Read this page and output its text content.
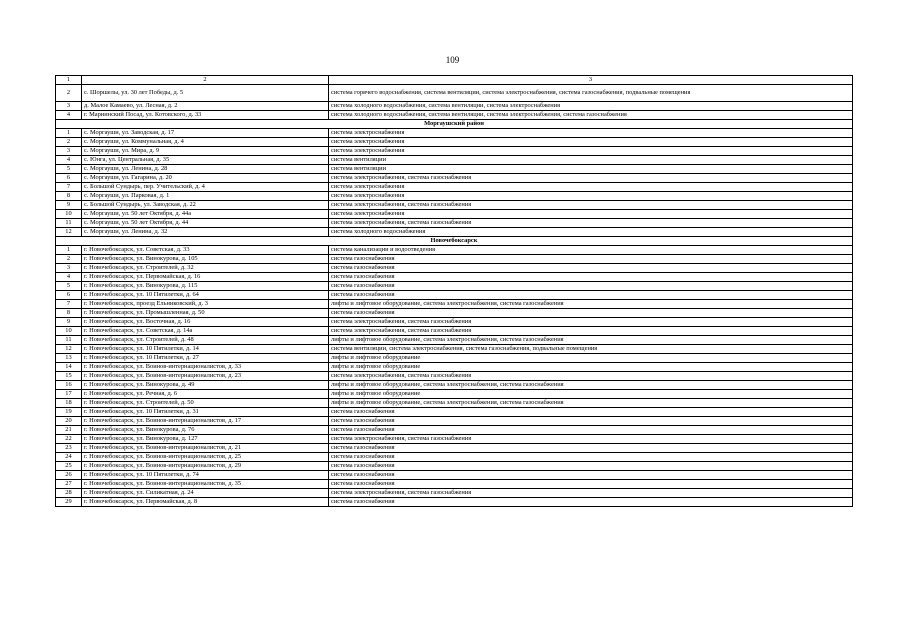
109
1	2	3
2	с. Шоршелы, ул. 30 лет Победы, д. 5	система горячего водоснабжения, система вентиляции, система электроснабжения, система газоснабжения, подвальные помещения
3	д. Малое Камаево, ул. Лесная, д. 2	система холодного водоснабжения, система вентиляции, система электроснабжения
4	г. Мариинский Посад, ул. Котовского, д. 33	система холодного водоснабжения, система вентиляции, система электроснабжения, система газоснабжения
Моргаушский район		
1	с. Моргауши, ул. Заводская, д. 17	система электроснабжения
2	с. Моргауши, ул. Коммунальная, д. 4	система электроснабжения
3	с. Моргауши, ул. Мира, д. 9	система электроснабжения
4	с. Юнга, ул. Центральная, д. 35	система вентиляции
5	с. Моргауши, ул. Ленина, д. 28	система вентиляции
6	с. Моргауши, ул. Гагарина, д. 20	система электроснабжения, система газоснабжения
7	с. Большой Сундырь, пер. Учительский, д. 4	система электроснабжения
8	с. Моргауши, ул. Парковая, д. 1	система электроснабжения
9	с. Большой Сундырь, ул. Заводская, д. 22	система электроснабжения, система газоснабжения
10	с. Моргауши, ул. 50 лет Октября, д. 44а	система электроснабжения
11	с. Моргауши, ул. 50 лет Октября, д. 44	система электроснабжения, система газоснабжения
12	с. Моргауши, ул. Ленина, д. 32	система холодного водоснабжения
Новочебоксарск		
1	г. Новочебоксарск, ул. Советская, д. 33	система канализации и водоотведения
2	г. Новочебоксарск, ул. Винокурова, д. 105	система газоснабжения
3	г. Новочебоксарск, ул. Строителей, д. 32	система газоснабжения
4	г. Новочебоксарск, ул. Первомайская, д. 16	система газоснабжения
5	г. Новочебоксарск, ул. Винокурова, д. 115	система газоснабжения
6	г. Новочебоксарск, ул. 10 Пятилетки, д. 64	система газоснабжения
7	г. Новочебоксарск, проезд Ельниковский, д. 3	лифты и лифтовое оборудование, система электроснабжения, система газоснабжения
8	г. Новочебоксарск, ул. Промышленная, д. 50	система газоснабжения
9	г. Новочебоксарск, ул. Восточная, д. 16	система электроснабжения, система газоснабжения
10	г. Новочебоксарск, ул. Советская, д. 14а	система электроснабжения, система газоснабжения
11	г. Новочебоксарск, ул. Строителей, д. 48	лифты и лифтовое оборудование, система электроснабжения, система газоснабжения
12	г. Новочебоксарск, ул. 10 Пятилетки, д. 14	система вентиляции, система электроснабжения, система газоснабжения, подвальные помещения
13	г. Новочебоксарск, ул. 10 Пятилетки, д. 27	лифты и лифтовое оборудование
14	г. Новочебоксарск, ул. Воинов-интернационалистов, д. 33	лифты и лифтовое оборудование
15	г. Новочебоксарск, ул. Воинов-интернационалистов, д. 23	система электроснабжения, система газоснабжения
16	г. Новочебоксарск, ул. Винокурова, д. 49	лифты и лифтовое оборудование, система электроснабжения, система газоснабжения
17	г. Новочебоксарск, ул. Речная, д. 6	лифты и лифтовое оборудование
18	г. Новочебоксарск, ул. Строителей, д. 50	лифты и лифтовое оборудование, система электроснабжения, система газоснабжения
19	г. Новочебоксарск, ул. 10 Пятилетки, д. 31	система газоснабжения
20	г. Новочебоксарск, ул. Воинов-интернационалистов, д. 17	система газоснабжения
21	г. Новочебоксарск, ул. Винокурова, д. 76	система газоснабжения
22	г. Новочебоксарск, ул. Винокурова, д. 127	система электроснабжения, система газоснабжения
23	г. Новочебоксарск, ул. Воинов-интернационалистов, д. 21	система газоснабжения
24	г. Новочебоксарск, ул. Воинов-интернационалистов, д. 25	система газоснабжения
25	г. Новочебоксарск, ул. Воинов-интернационалистов, д. 29	система газоснабжения
26	г. Новочебоксарск, ул. 10 Пятилетки, д. 74	система газоснабжения
27	г. Новочебоксарск, ул. Воинов-интернационалистов, д. 35	система газоснабжения
28	г. Новочебоксарск, ул. Силикатная, д. 24	система электроснабжения, система газоснабжения
29	г. Новочебоксарск, ул. Первомайская, д. 8	система газоснабжения
